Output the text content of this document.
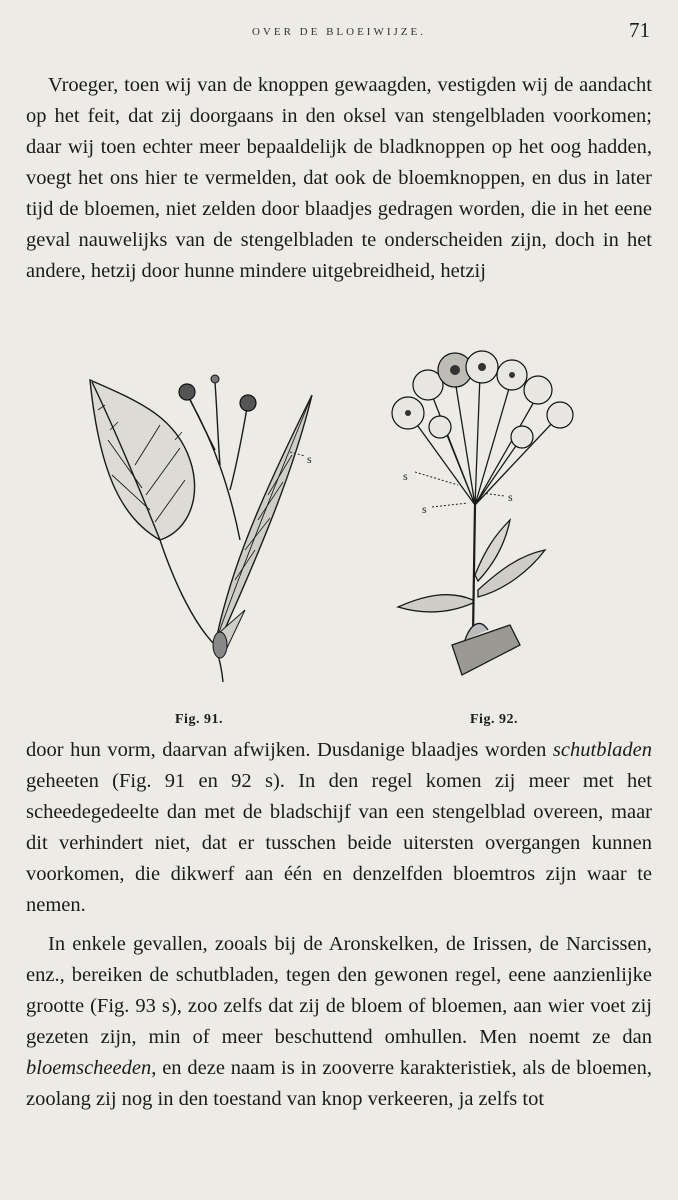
OVER DE BLOEIWIJZE.	71

Vroeger, toen wij van de knoppen gewaagden, vestigden wij de aandacht op het feit, dat zij doorgaans in den oksel van stengelbladen voorkomen; daar wij toen echter meer bepaaldelijk de bladknoppen op het oog hadden, voegt het ons hier te vermelden, dat ook de bloemknoppen, en dus in later tijd de bloemen, niet zelden door blaadjes gedragen worden, die in het eene geval nauwelijks van de stengelbladen te onderscheiden zijn, doch in het andere, hetzij door hunne mindere uitgebreidheid, hetzij

s
Fig. 91.
s
s
s
Fig. 92.

door hun vorm, daarvan afwijken. Dusdanige blaadjes worden schutbladen geheeten (Fig. 91 en 92 s). In den regel komen zij meer met het scheedegedeelte dan met de bladschijf van een stengelblad overeen, maar dit verhindert niet, dat er tusschen beide uitersten overgangen kunnen voorkomen, die dikwerf aan één en denzelfden bloemtros zijn waar te nemen.

In enkele gevallen, zooals bij de Aronskelken, de Irissen, de Narcissen, enz., bereiken de schutbladen, tegen den gewonen regel, eene aanzienlijke grootte (Fig. 93 s), zoo zelfs dat zij de bloem of bloemen, aan wier voet zij gezeten zijn, min of meer beschuttend omhullen. Men noemt ze dan bloemscheeden, en deze naam is in zooverre karakteristiek, als de bloemen, zoolang zij nog in den toestand van knop verkeeren, ja zelfs tot
